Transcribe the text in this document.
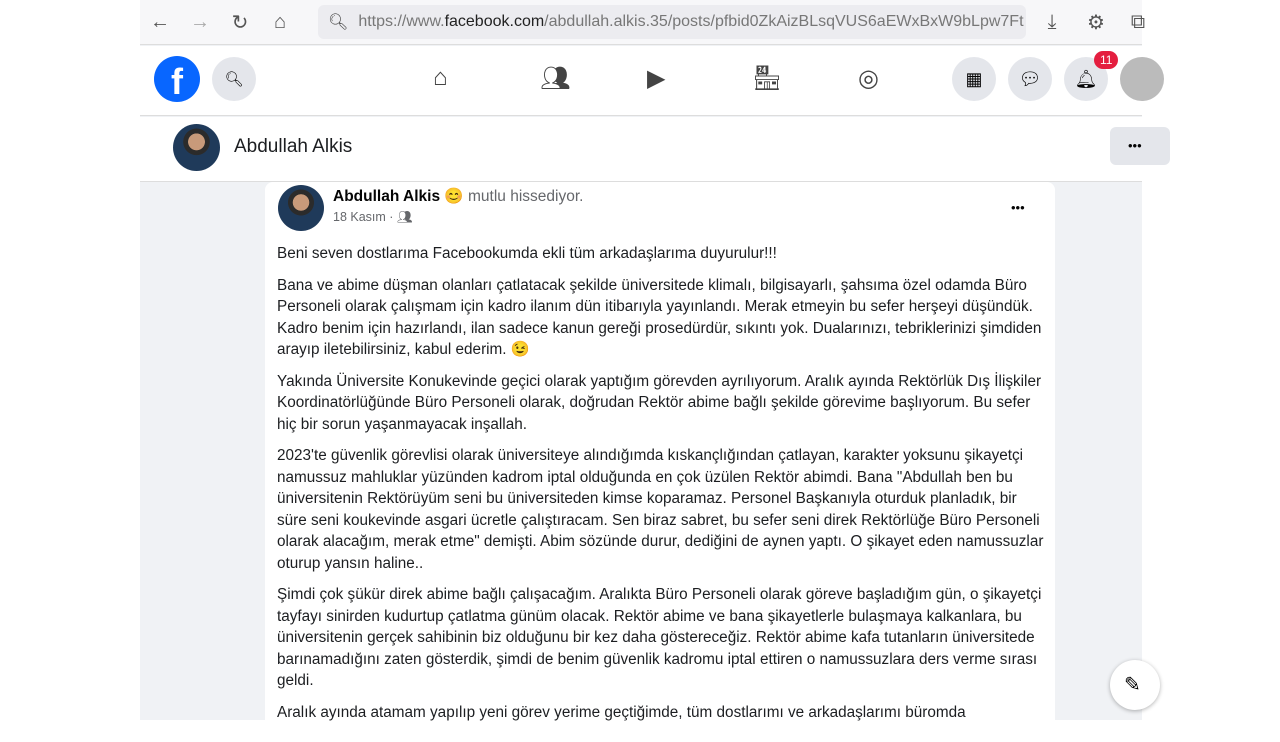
←	→	↻	⌂	🔍︎ https://www. facebook.com /abdullah.alkis.35/posts/pfbid0ZkAizBLsqVUS6aEWxBxW9bLpw7Ft	⤓	⚙	⧉
f	🔍︎	⌂	👥︎	▶︎	🏪︎	◎	▦	💬︎	🔔︎
11
Abdullah Alkis	•••
Abdullah Alkis 😊 mutlu hissediyor.
18 Kasım · 👥︎
•••

Beni seven dostlarıma Facebookumda ekli tüm arkadaşlarıma duyurulur!!!

Bana ve abime düşman olanları çatlatacak şekilde üniversitede klimalı, bilgisayarlı, şahsıma özel odamda Büro Personeli olarak çalışmam için kadro ilanım dün itibarıyla yayınlandı. Merak etmeyin bu sefer herşeyi düşündük. Kadro benim için hazırlandı, ilan sadece kanun gereği prosedürdür, sıkıntı yok. Dualarınızı, tebriklerinizi şimdiden arayıp iletebilirsiniz, kabul ederim. 😉

Yakında Üniversite Konukevinde geçici olarak yaptığım görevden ayrılıyorum. Aralık ayında Rektörlük Dış İlişkiler Koordinatörlüğünde Büro Personeli olarak, doğrudan Rektör abime bağlı şekilde görevime başlıyorum. Bu sefer hiç bir sorun yaşanmayacak inşallah.

2023'te güvenlik görevlisi olarak üniversiteye alındığımda kıskançlığından çatlayan, karakter yoksunu şikayetçi namussuz mahluklar yüzünden kadrom iptal olduğunda en çok üzülen Rektör abimdi. Bana "Abdullah ben bu üniversitenin Rektörüyüm seni bu üniversiteden kimse koparamaz. Personel Başkanıyla oturduk planladık, bir süre seni koukevinde asgari ücretle çalıştıracam. Sen biraz sabret, bu sefer seni direk Rektörlüğe Büro Personeli olarak alacağım, merak etme" demişti. Abim sözünde durur, dediğini de aynen yaptı. O şikayet eden namussuzlar oturup yansın haline..

Şimdi çok şükür direk abime bağlı çalışacağım. Aralıkta Büro Personeli olarak göreve başladığım gün, o şikayetçi tayfayı sinirden kudurtup çatlatma günüm olacak. Rektör abime ve bana şikayetlerle bulaşmaya kalkanlara, bu üniversitenin gerçek sahibinin biz olduğunu bir kez daha göstereceğiz. Rektör abime kafa tutanların üniversitede barınamadığını zaten gösterdik, şimdi de benim güvenlik kadromu iptal ettiren o namussuzlara ders verme sırası geldi.

Aralık ayında atamam yapılıp yeni görev yerime geçtiğimde, tüm dostlarımı ve arkadaşlarımı büromda

✎
